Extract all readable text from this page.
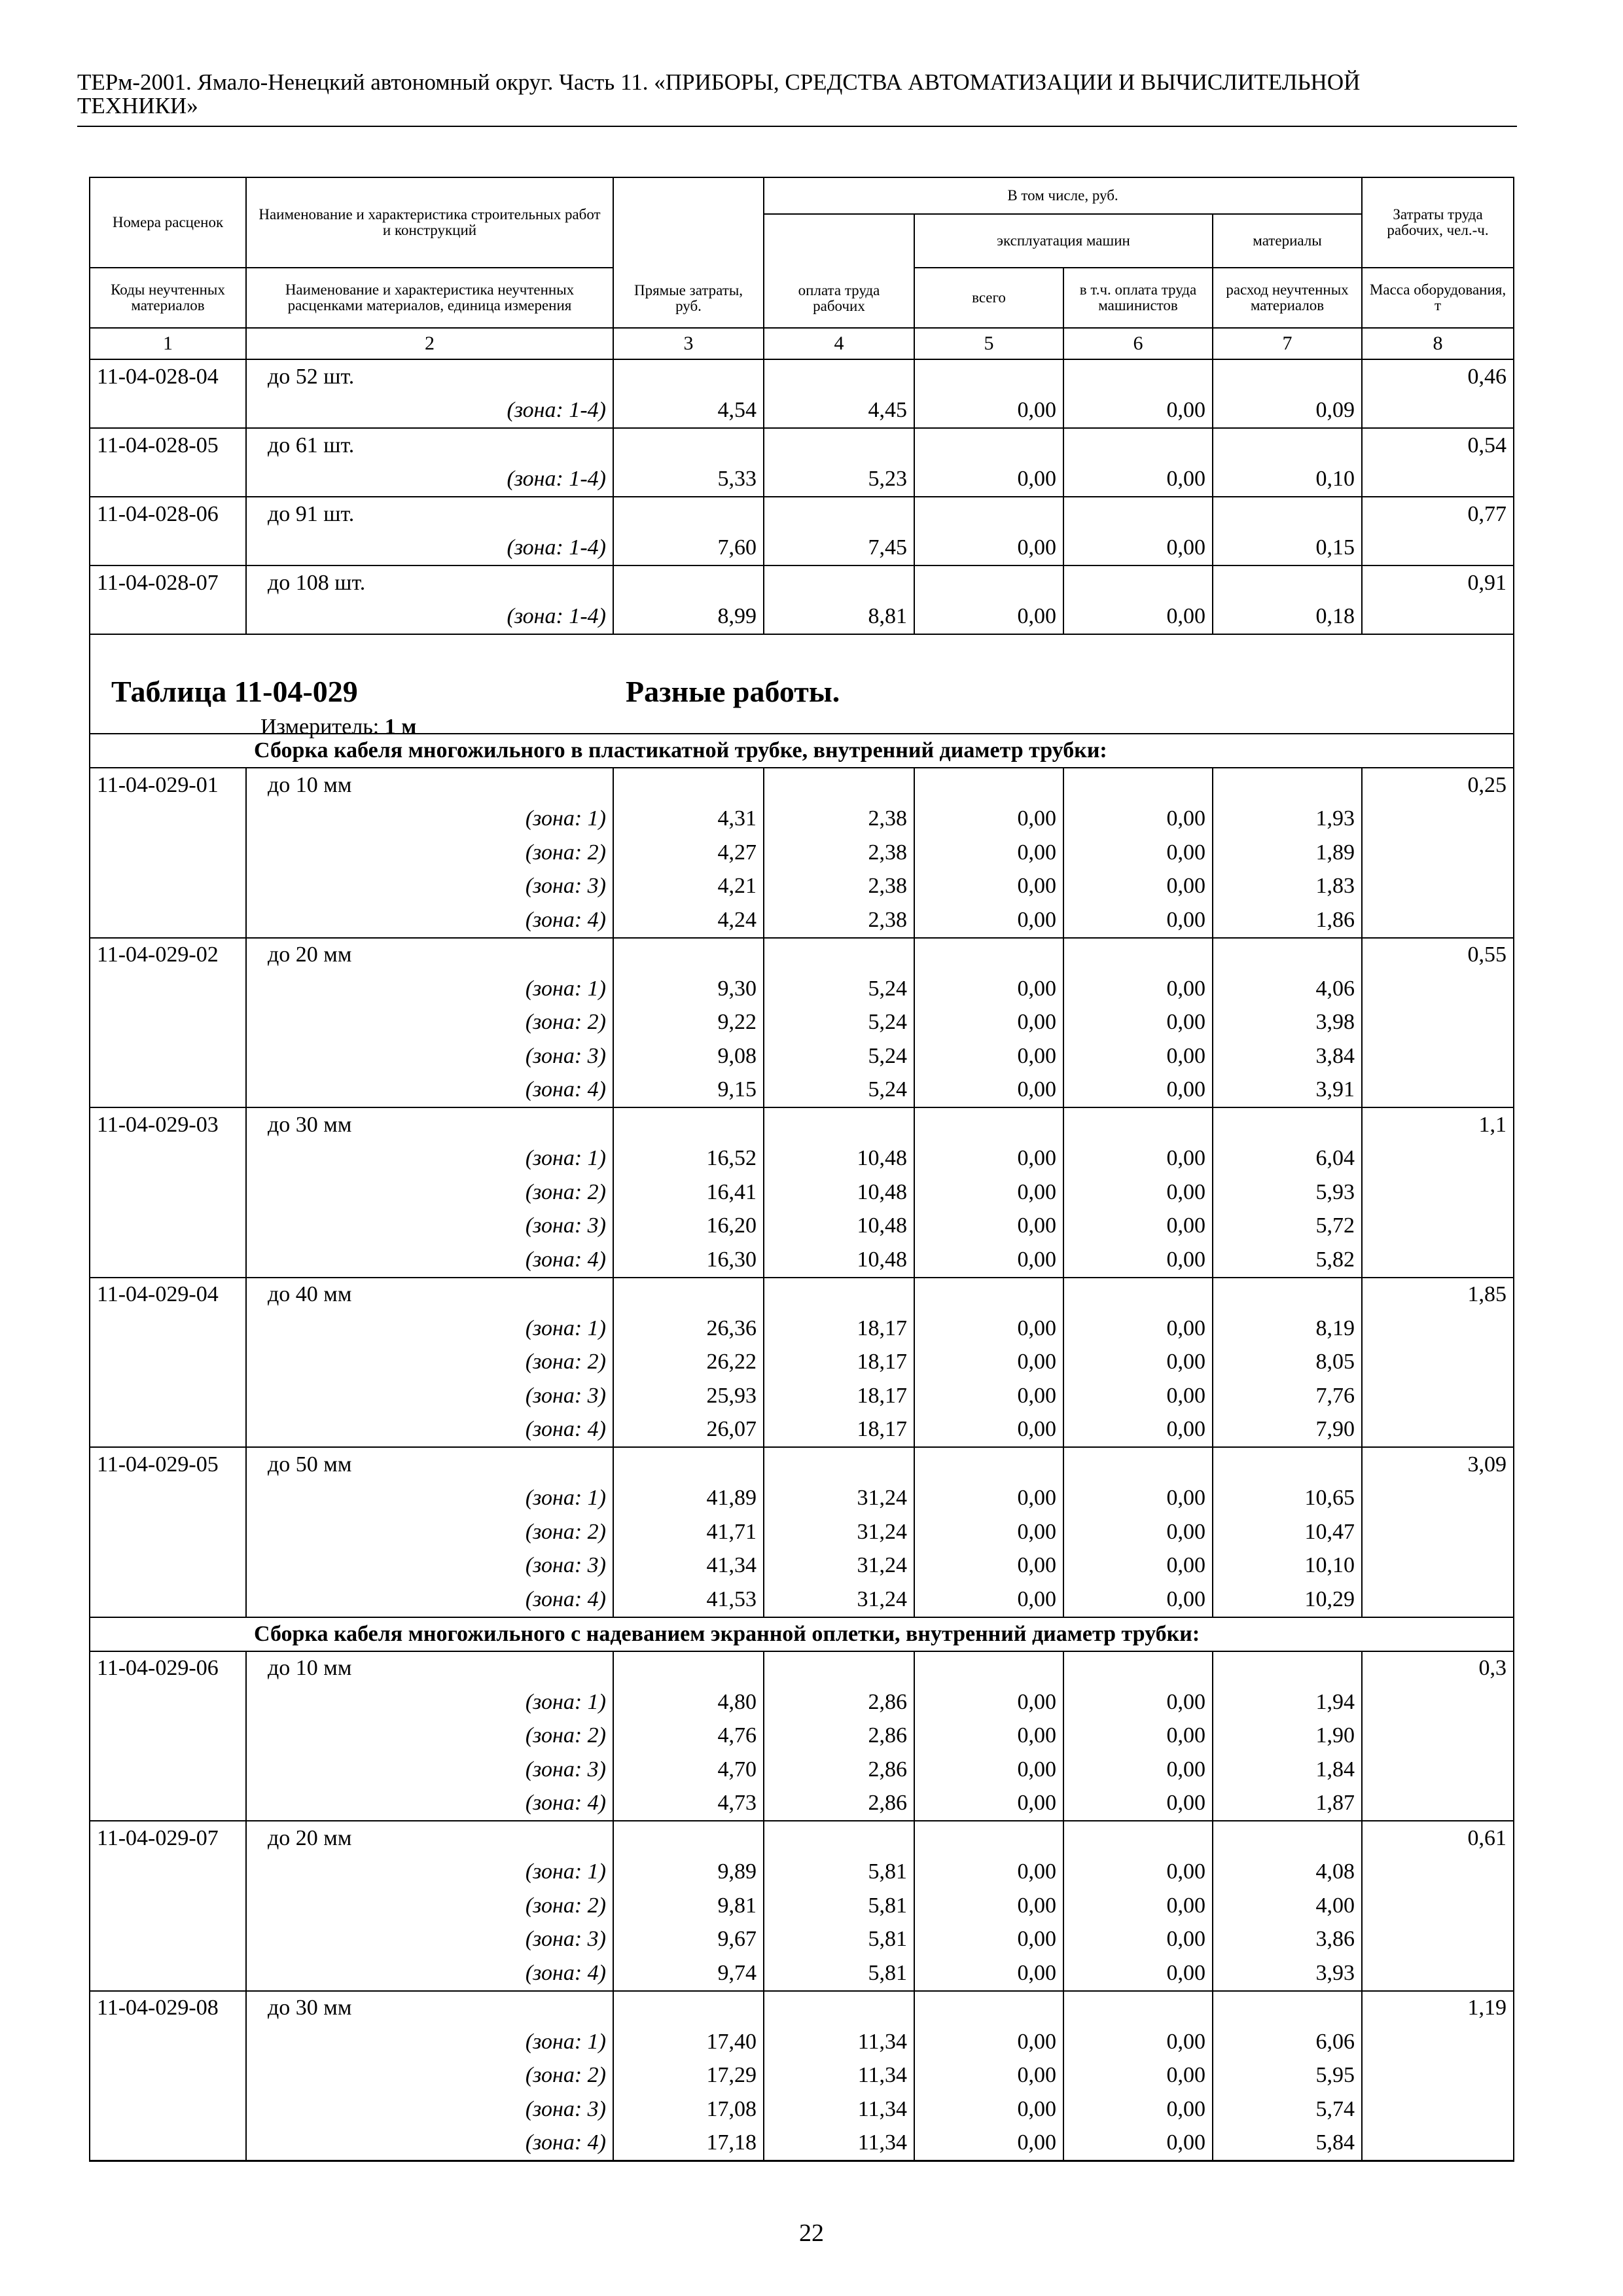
ТЕРм-2001. Ямало-Ненецкий автономный округ. Часть 11. «ПРИБОРЫ, СРЕДСТВА АВТОМАТИЗАЦИИ И ВЫЧИСЛИТЕЛЬНОЙ
ТЕХНИКИ»
Номера расценок	Наименование и характеристика строительных работ и конструкций	Прямые затраты, руб.	В том числе, руб.				Затраты труда рабочих, чел.-ч.
			оплата труда рабочих	эксплуатация машин		материалы	
Коды неучтенных материалов	Наименование и характеристика неучтенных расценками материалов, единица измерения			всего	в т.ч. оплата труда машинистов	расход неучтенных материалов	Масса оборудования, т
1	2	3	4	5	6	7	8
11-04-028-04	до 52 шт.						0,46
	(зона: 1-4)	4,54	4,45	0,00	0,00	0,09	
11-04-028-05	до 61 шт.						0,54
	(зона: 1-4)	5,33	5,23	0,00	0,00	0,10	
11-04-028-06	до 91 шт.						0,77
	(зона: 1-4)	7,60	7,45	0,00	0,00	0,15	
11-04-028-07	до 108 шт.						0,91
	(зона: 1-4)	8,99	8,81	0,00	0,00	0,18	

Таблица 11-04-029 Разные работы.
Измеритель: 1 м							

Сборка кабеля многожильного в пластикатной трубке, внутренний диаметр трубки:							
11-04-029-01	до 10 мм						0,25
	(зона: 1)	4,31	2,38	0,00	0,00	1,93	
	(зона: 2)	4,27	2,38	0,00	0,00	1,89	
	(зона: 3)	4,21	2,38	0,00	0,00	1,83	
	(зона: 4)	4,24	2,38	0,00	0,00	1,86	
11-04-029-02	до 20 мм						0,55
	(зона: 1)	9,30	5,24	0,00	0,00	4,06	
	(зона: 2)	9,22	5,24	0,00	0,00	3,98	
	(зона: 3)	9,08	5,24	0,00	0,00	3,84	
	(зона: 4)	9,15	5,24	0,00	0,00	3,91	
11-04-029-03	до 30 мм						1,1
	(зона: 1)	16,52	10,48	0,00	0,00	6,04	
	(зона: 2)	16,41	10,48	0,00	0,00	5,93	
	(зона: 3)	16,20	10,48	0,00	0,00	5,72	
	(зона: 4)	16,30	10,48	0,00	0,00	5,82	
11-04-029-04	до 40 мм						1,85
	(зона: 1)	26,36	18,17	0,00	0,00	8,19	
	(зона: 2)	26,22	18,17	0,00	0,00	8,05	
	(зона: 3)	25,93	18,17	0,00	0,00	7,76	
	(зона: 4)	26,07	18,17	0,00	0,00	7,90	
11-04-029-05	до 50 мм						3,09
	(зона: 1)	41,89	31,24	0,00	0,00	10,65	
	(зона: 2)	41,71	31,24	0,00	0,00	10,47	
	(зона: 3)	41,34	31,24	0,00	0,00	10,10	
	(зона: 4)	41,53	31,24	0,00	0,00	10,29	
Сборка кабеля многожильного с надеванием экранной оплетки, внутренний диаметр трубки:							
11-04-029-06	до 10 мм						0,3
	(зона: 1)	4,80	2,86	0,00	0,00	1,94	
	(зона: 2)	4,76	2,86	0,00	0,00	1,90	
	(зона: 3)	4,70	2,86	0,00	0,00	1,84	
	(зона: 4)	4,73	2,86	0,00	0,00	1,87	
11-04-029-07	до 20 мм						0,61
	(зона: 1)	9,89	5,81	0,00	0,00	4,08	
	(зона: 2)	9,81	5,81	0,00	0,00	4,00	
	(зона: 3)	9,67	5,81	0,00	0,00	3,86	
	(зона: 4)	9,74	5,81	0,00	0,00	3,93	
11-04-029-08	до 30 мм						1,19
	(зона: 1)	17,40	11,34	0,00	0,00	6,06	
	(зона: 2)	17,29	11,34	0,00	0,00	5,95	
	(зона: 3)	17,08	11,34	0,00	0,00	5,74	
	(зона: 4)	17,18	11,34	0,00	0,00	5,84	
22
